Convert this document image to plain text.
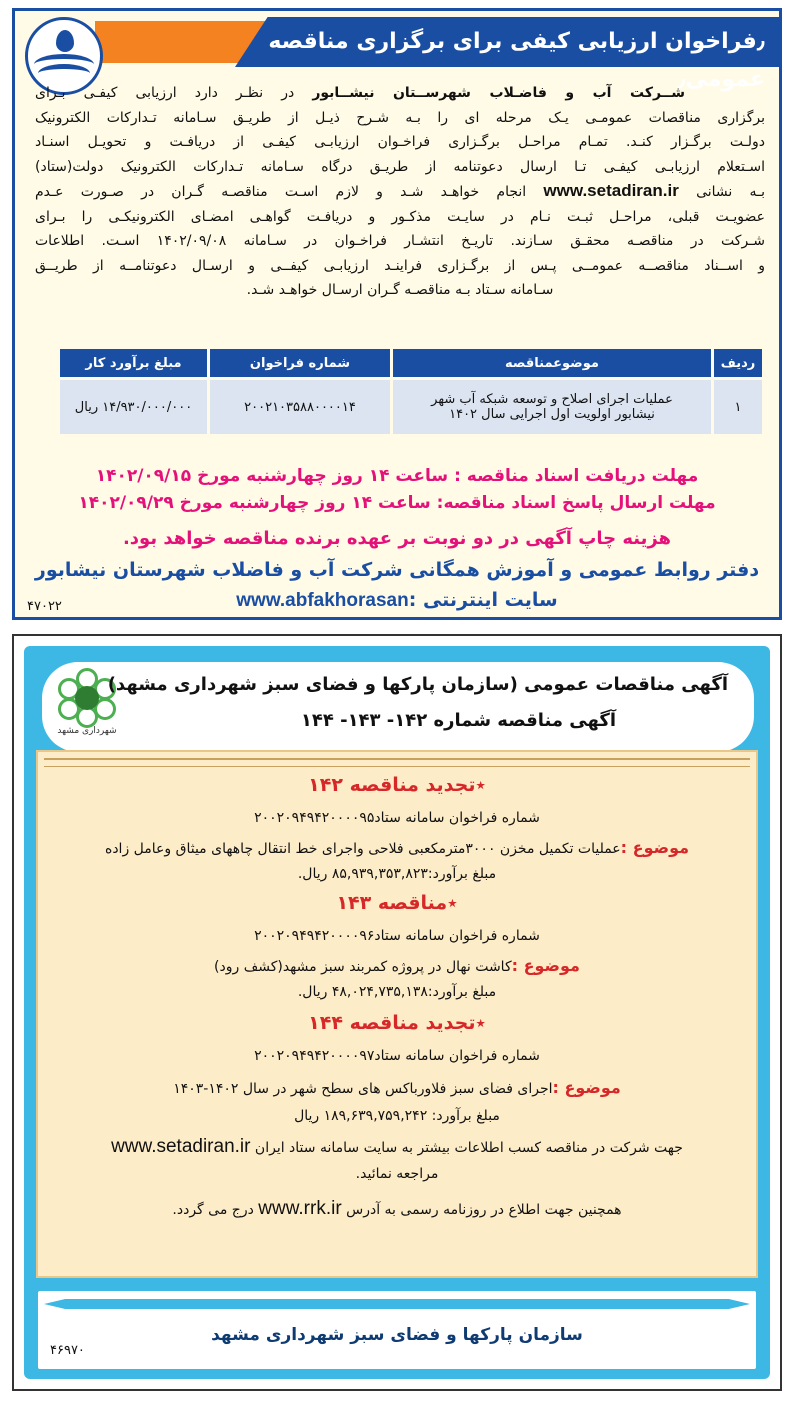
٫فراخوان ارزیابی کیفی برای برگزاری مناقصه عمومی٫
شــرکت آب و فاضـلاب شهرســتان نیشــابور در نظـر دارد ارزیابی کیفـی بـرای
برگزاری مناقصات عمومـی یـک مرحله ای را بـه شـرح ذیـل از طریـق سـامانه تـدارکات الکترونیک
دولـت برگـزار کنـد. تمـام مراحـل برگـزاری فراخـوان ارزیابـی کیفـی از دریافـت و تحویـل اسنـاد
اسـتعلام ارزیابـی کیفـی تـا ارسال دعوتنامه از طریـق درگاه سـامانه تـدارکات الکترونیک دولت(ستاد)
بـه نشانی www.setadiran.ir انجام خواهـد شـد و لازم اسـت مناقصـه گـران در صـورت عـدم
عضویـت قبلی، مراحـل ثبـت نـام در سایـت مذکـور و دریافـت گواهـی امضـای الکترونیکـی را بـرای
شـرکت در مناقصـه محقـق سـازند. تاریـخ انتشـار فراخـوان در سـامانه ۱۴۰۲/۰۹/۰۸ اسـت. اطلاعات
و اســناد مناقصــه عمومــی پـس از برگـزاری فراینـد ارزیابـی کیفــی و ارسـال دعوتنامــه از طریــق
سـامانه سـتاد بـه مناقصـه گـران ارسـال خواهـد شـد.
ردیف	موضوعمناقصه	شماره فراخوان	مبلغ برآورد کار
۱	عملیات اجرای اصلاح و توسعه شبکه آب شهر
نیشابور اولویت اول اجرایی سال ۱۴۰۲	۲۰۰۲۱۰۳۵۸۸۰۰۰۰۱۴	۱۴/۹۳۰/۰۰۰/۰۰۰ ریال
مهلت دریافت اسناد مناقصه : ساعت ۱۴ روز چهارشنبه مورخ ۱۴۰۲/۰۹/۱۵
مهلت ارسال پاسخ اسناد مناقصه: ساعت ۱۴ روز چهارشنبه مورخ ۱۴۰۲/۰۹/۲۹
هزینه چاپ آگهی در دو نوبت بر عهده برنده مناقصه خواهد بود.
دفتر روابط عمومی و آموزش همگانی شرکت آب و فاضلاب شهرستان نیشابور
سایت اینترنتی :www.abfakhorasan
۴۷۰۲۲
شهرداری مشهد
آگهی مناقصات عمومی (سازمان پارکها و فضای سبز شهرداری مشهد)
آگهی مناقصه شماره ۱۴۲- ۱۴۳- ۱۴۴
٭تجدید مناقصه ۱۴۲
شماره فراخوان سامانه ستاد۲۰۰۲۰۹۴۹۴۲۰۰۰۰۹۵
موضوع :عملیات تکمیل مخزن ۳۰۰۰مترمکعبی فلاحی واجرای خط انتقال چاههای میثاق وعامل زاده
مبلغ برآورد:۸۵,۹۳۹,۳۵۳,۸۲۳ ریال.
٭مناقصه ۱۴۳
شماره فراخوان سامانه ستاد۲۰۰۲۰۹۴۹۴۲۰۰۰۰۹۶
موضوع :کاشت نهال در پروژه کمربند سبز مشهد(کشف رود)
مبلغ برآورد:۴۸,۰۲۴,۷۳۵,۱۳۸ ریال.
٭تجدید مناقصه ۱۴۴
شماره فراخوان سامانه ستاد۲۰۰۲۰۹۴۹۴۲۰۰۰۰۹۷
موضوع :اجرای فضای سبز فلاورباکس های سطح شهر در سال ۱۴۰۲-۱۴۰۳
مبلغ برآورد: ۱۸۹,۶۳۹,۷۵۹,۲۴۲ ریال
جهت شرکت در مناقصه کسب اطلاعات بیشتر به سایت سامانه ستاد ایران www.setadiran.ir
مراجعه نمائید.
همچنین جهت اطلاع در روزنامه رسمی به آدرس www.rrk.ir درج می گردد.
سازمان پارکها و فضای سبز شهرداری مشهد
۴۶۹۷۰
